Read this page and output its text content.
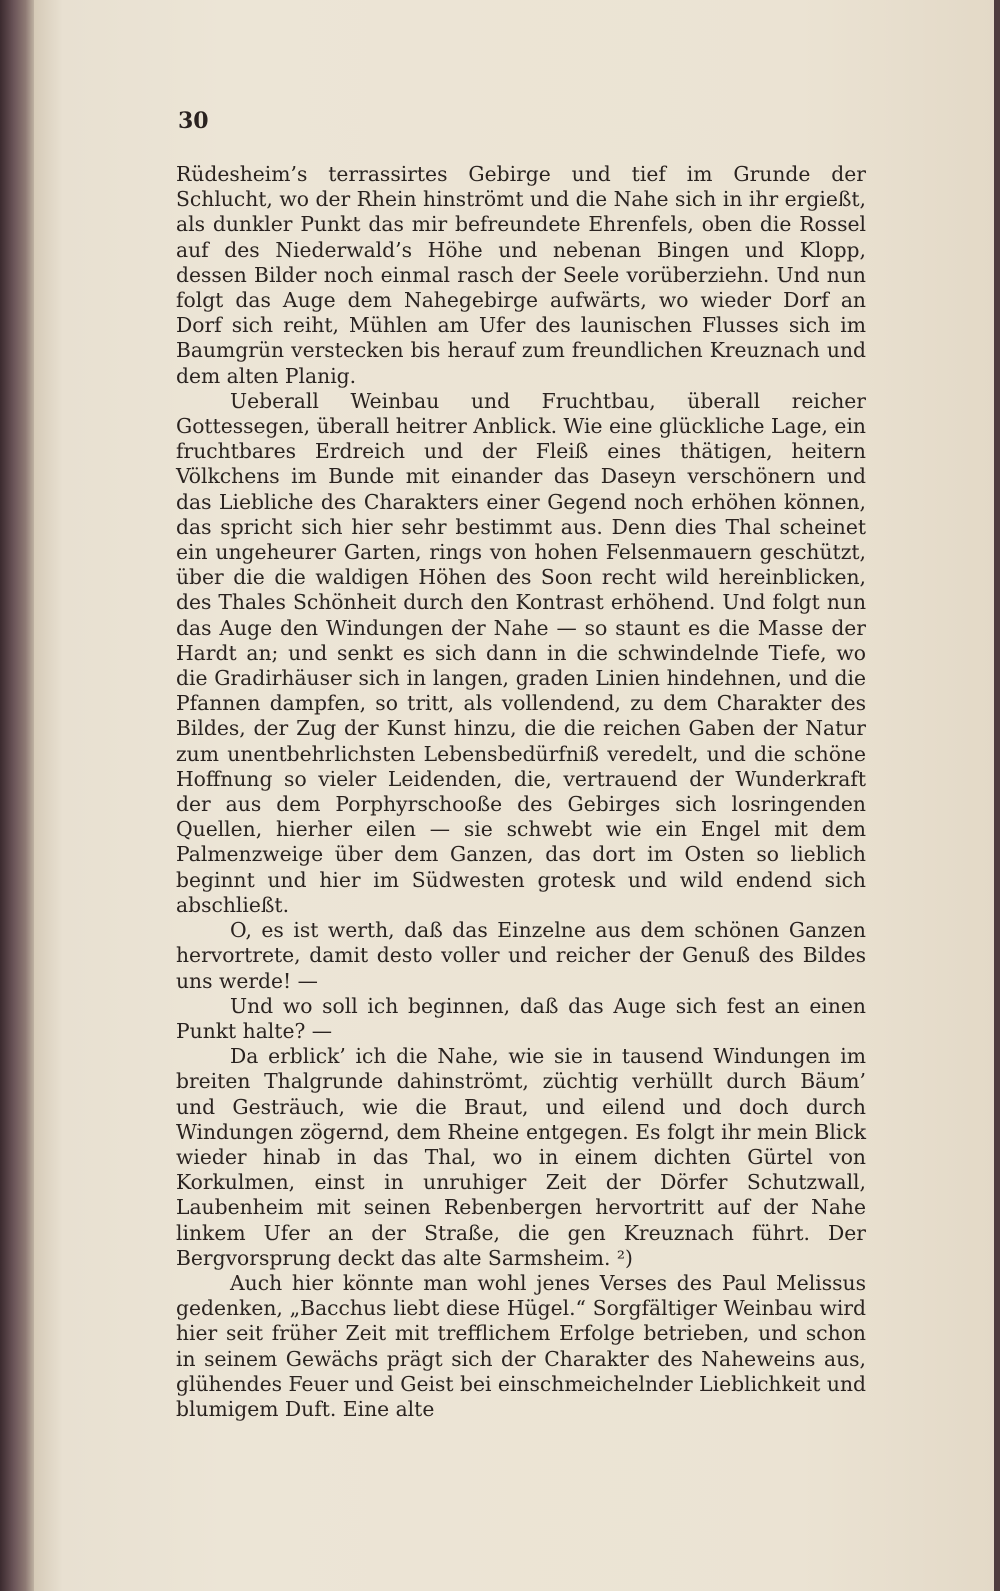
30

Rüdesheim’s terrassirtes Gebirge und tief im Grunde der Schlucht, wo der Rhein hinströmt und die Nahe sich in ihr ergießt, als dunkler Punkt das mir befreundete Ehrenfels, oben die Rossel auf des Niederwald’s Höhe und nebenan Bingen und Klopp, dessen Bilder noch einmal rasch der Seele vorüberziehn. Und nun folgt das Auge dem Nahegebirge aufwärts, wo wieder Dorf an Dorf sich reiht, Mühlen am Ufer des launischen Flusses sich im Baumgrün verstecken bis herauf zum freundlichen Kreuznach und dem alten Planig.

Ueberall Weinbau und Fruchtbau, überall reicher Gottessegen, überall heitrer Anblick. Wie eine glückliche Lage, ein fruchtbares Erdreich und der Fleiß eines thätigen, heitern Völkchens im Bunde mit einander das Daseyn verschönern und das Liebliche des Charakters einer Gegend noch erhöhen können, das spricht sich hier sehr bestimmt aus. Denn dies Thal scheinet ein ungeheurer Garten, rings von hohen Felsenmauern geschützt, über die die waldigen Höhen des Soon recht wild hereinblicken, des Thales Schönheit durch den Kontrast erhöhend. Und folgt nun das Auge den Windungen der Nahe — so staunt es die Masse der Hardt an; und senkt es sich dann in die schwindelnde Tiefe, wo die Gradirhäuser sich in langen, graden Linien hindehnen, und die Pfannen dampfen, so tritt, als vollendend, zu dem Charakter des Bildes, der Zug der Kunst hinzu, die die reichen Gaben der Natur zum unentbehrlichsten Lebensbedürfniß veredelt, und die schöne Hoffnung so vieler Leidenden, die, vertrauend der Wunderkraft der aus dem Porphyrschooße des Gebirges sich losringenden Quellen, hierher eilen — sie schwebt wie ein Engel mit dem Palmenzweige über dem Ganzen, das dort im Osten so lieblich beginnt und hier im Südwesten grotesk und wild endend sich abschließt.

O, es ist werth, daß das Einzelne aus dem schönen Ganzen hervortrete, damit desto voller und reicher der Genuß des Bildes uns werde! —

Und wo soll ich beginnen, daß das Auge sich fest an einen Punkt halte? —

Da erblick’ ich die Nahe, wie sie in tausend Windungen im breiten Thalgrunde dahinströmt, züchtig verhüllt durch Bäum’ und Gesträuch, wie die Braut, und eilend und doch durch Windungen zögernd, dem Rheine entgegen. Es folgt ihr mein Blick wieder hinab in das Thal, wo in einem dichten Gürtel von Korkulmen, einst in unruhiger Zeit der Dörfer Schutzwall, Laubenheim mit seinen Rebenbergen hervortritt auf der Nahe linkem Ufer an der Straße, die gen Kreuznach führt. Der Bergvorsprung deckt das alte Sarmsheim. ²)

Auch hier könnte man wohl jenes Verses des Paul Melissus gedenken, „Bacchus liebt diese Hügel.“ Sorgfältiger Weinbau wird hier seit früher Zeit mit trefflichem Erfolge betrieben, und schon in seinem Gewächs prägt sich der Charakter des Naheweins aus, glühendes Feuer und Geist bei einschmeichelnder Lieblichkeit und blumigem Duft. Eine alte
